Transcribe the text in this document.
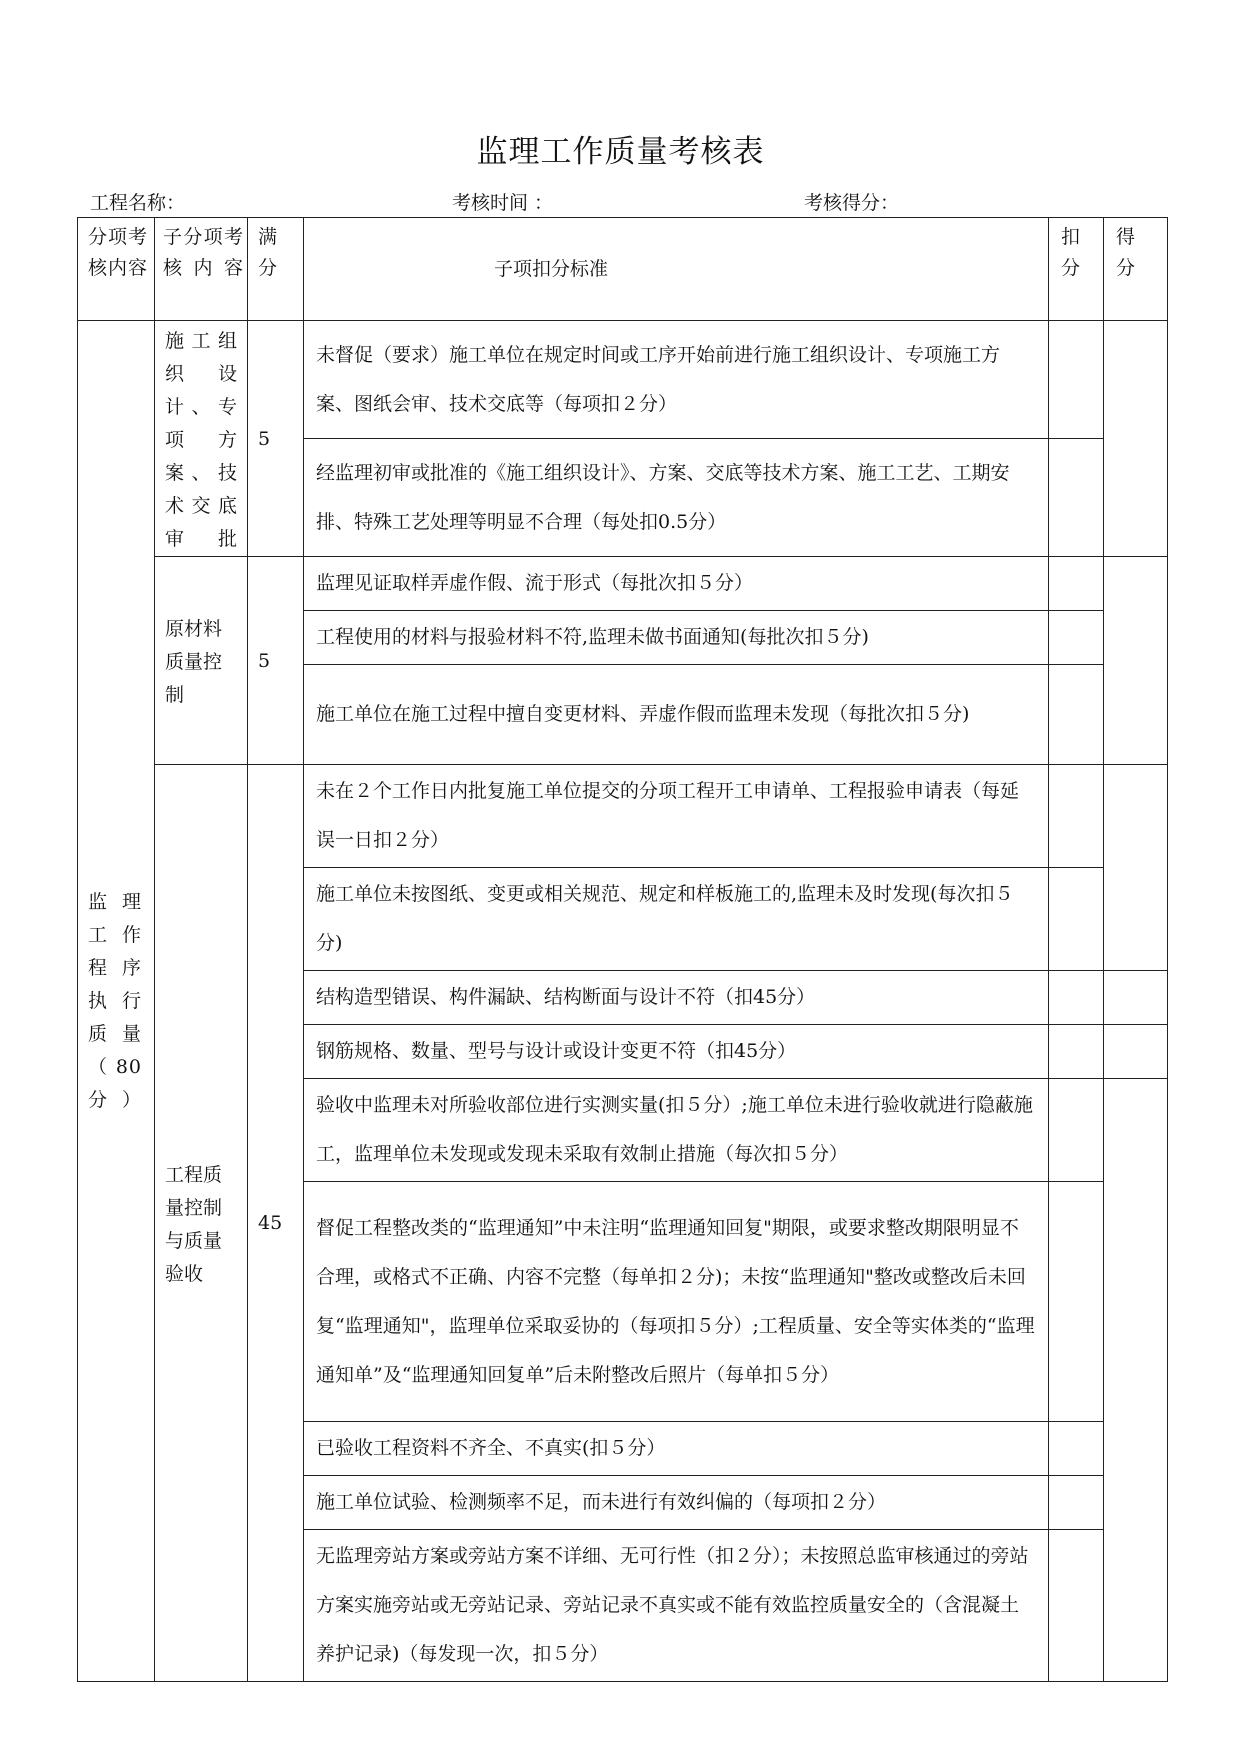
监理工作质量考核表
工程名称：	考核时间 ：	考核得分：
分项考核内容	子分项考核内容	满分	子项扣分标准	扣分	得分

监理工作程序执行质量（80分）	施工组织设计、专项方案、技术交底审批	5	未督促（要求）施工单位在规定时间或工序开始前进行施工组织设计、专项施工方案、图纸会审、技术交底等（每项扣２分）		
			经监理初审或批准的《施工组织设计》、方案、交底等技术方案、施工工艺、工期安排、特殊工艺处理等明显不合理（每处扣0.5分）		
	原材料质量控制	5	监理见证取样弄虚作假、流于形式（每批次扣５分）		
			工程使用的材料与报验材料不符,监理未做书面通知(每批次扣５分)		
			施工单位在施工过程中擅自变更材料、弄虚作假而监理未发现（每批次扣５分)		
	工程质量控制与质量验收	45	未在２个工作日内批复施工单位提交的分项工程开工申请单、工程报验申请表（每延误一日扣２分）		
			施工单位未按图纸、变更或相关规范、规定和样板施工的,监理未及时发现(每次扣５分)		
			结构造型错误、构件漏缺、结构断面与设计不符（扣45分）		
			钢筋规格、数量、型号与设计或设计变更不符（扣45分）		
			验收中监理未对所验收部位进行实测实量(扣５分）;施工单位未进行验收就进行隐蔽施工，监理单位未发现或发现未采取有效制止措施（每次扣５分）		
			督促工程整改类的“监理通知”中未注明“监理通知回复"期限，或要求整改期限明显不合理，或格式不正确、内容不完整（每单扣２分)；未按“监理通知"整改或整改后未回复“监理通知"，监理单位采取妥协的（每项扣５分）;工程质量、安全等实体类的“监理通知单”及“监理通知回复单”后未附整改后照片（每单扣５分）		
			已验收工程资料不齐全、不真实(扣５分）		
			施工单位试验、检测频率不足，而未进行有效纠偏的（每项扣２分）		
			无监理旁站方案或旁站方案不详细、无可行性（扣２分）；未按照总监审核通过的旁站方案实施旁站或无旁站记录、旁站记录不真实或不能有效监控质量安全的（含混凝土养护记录)（每发现一次，扣５分）		
